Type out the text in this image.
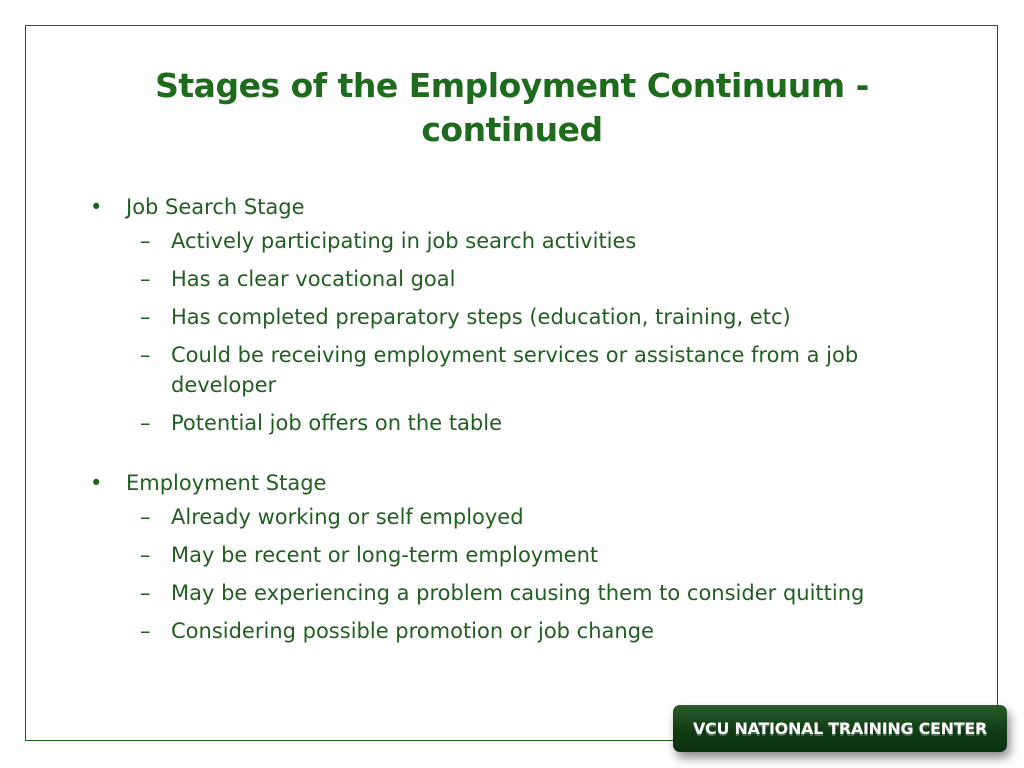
Stages of the Employment Continuum - continued
•	Job Search Stage
– Actively participating in job search activities
– Has a clear vocational goal
– Has completed preparatory steps (education, training, etc)
– Could be receiving employment services or assistance from a job developer
– Potential job offers on the table
•	Employment Stage
– Already working or self employed
– May be recent or long-term employment
– May be experiencing a problem causing them to consider quitting
– Considering possible promotion or job change
VCU NATIONAL TRAINING CENTER
